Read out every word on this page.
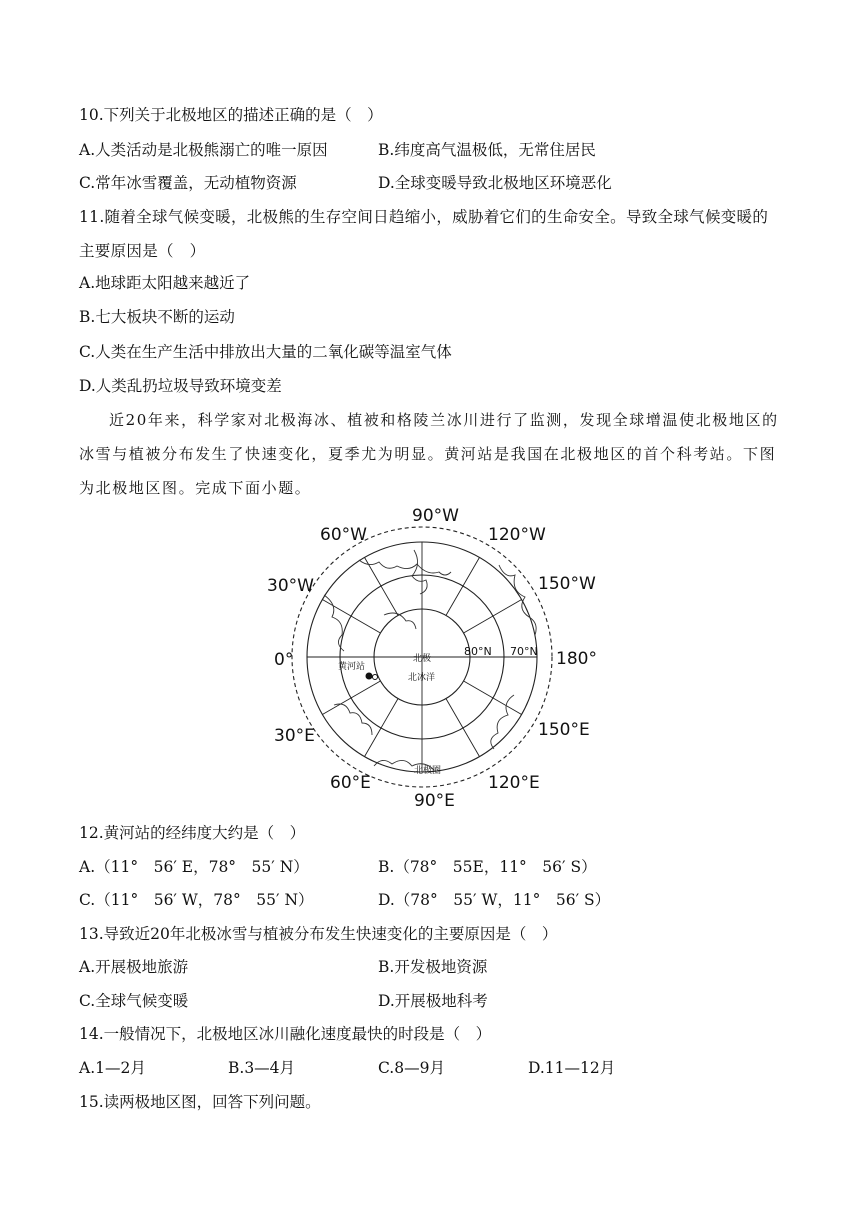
10.下列关于北极地区的描述正确的是（　）
A.人类活动是北极熊溺亡的唯一原因	B.纬度高气温极低，无常住居民
C.常年冰雪覆盖，无动植物资源	D.全球变暖导致北极地区环境恶化
11.随着全球气候变暖，北极熊的生存空间日趋缩小，威胁着它们的生命安全。导致全球气候变暖的主要原因是（　）
A.地球距太阳越来越近了
B.七大板块不断的运动
C.人类在生产生活中排放出大量的二氧化碳等温室气体
D.人类乱扔垃圾导致环境变差
近20年来，科学家对北极海冰、植被和格陵兰冰川进行了监测，发现全球增温使北极地区的冰雪与植被分布发生了快速变化，夏季尤为明显。黄河站是我国在北极地区的首个科考站。下图为北极地区图。完成下面小题。
90°W
120°W
150°W
180°
150°E
120°E
90°E
60°E
30°E
0°
30°W
60°W
80°N 70°N
北极
北冰洋
黄河站
北极圈
12.黄河站的经纬度大约是（　）
A.（11°　56′ E，78°　55′ N）	B.（78°　55E，11°　56′ S）
C.（11°　56′ W，78°　55′ N）	D.（78°　55′ W，11°　56′ S）
13.导致近20年北极冰雪与植被分布发生快速变化的主要原因是（　）
A.开展极地旅游	B.开发极地资源
C.全球气候变暖	D.开展极地科考
14.一般情况下，北极地区冰川融化速度最快的时段是（　）
A.1—2月	B.3—4月	C.8—9月	D.11—12月
15.读两极地区图，回答下列问题。
